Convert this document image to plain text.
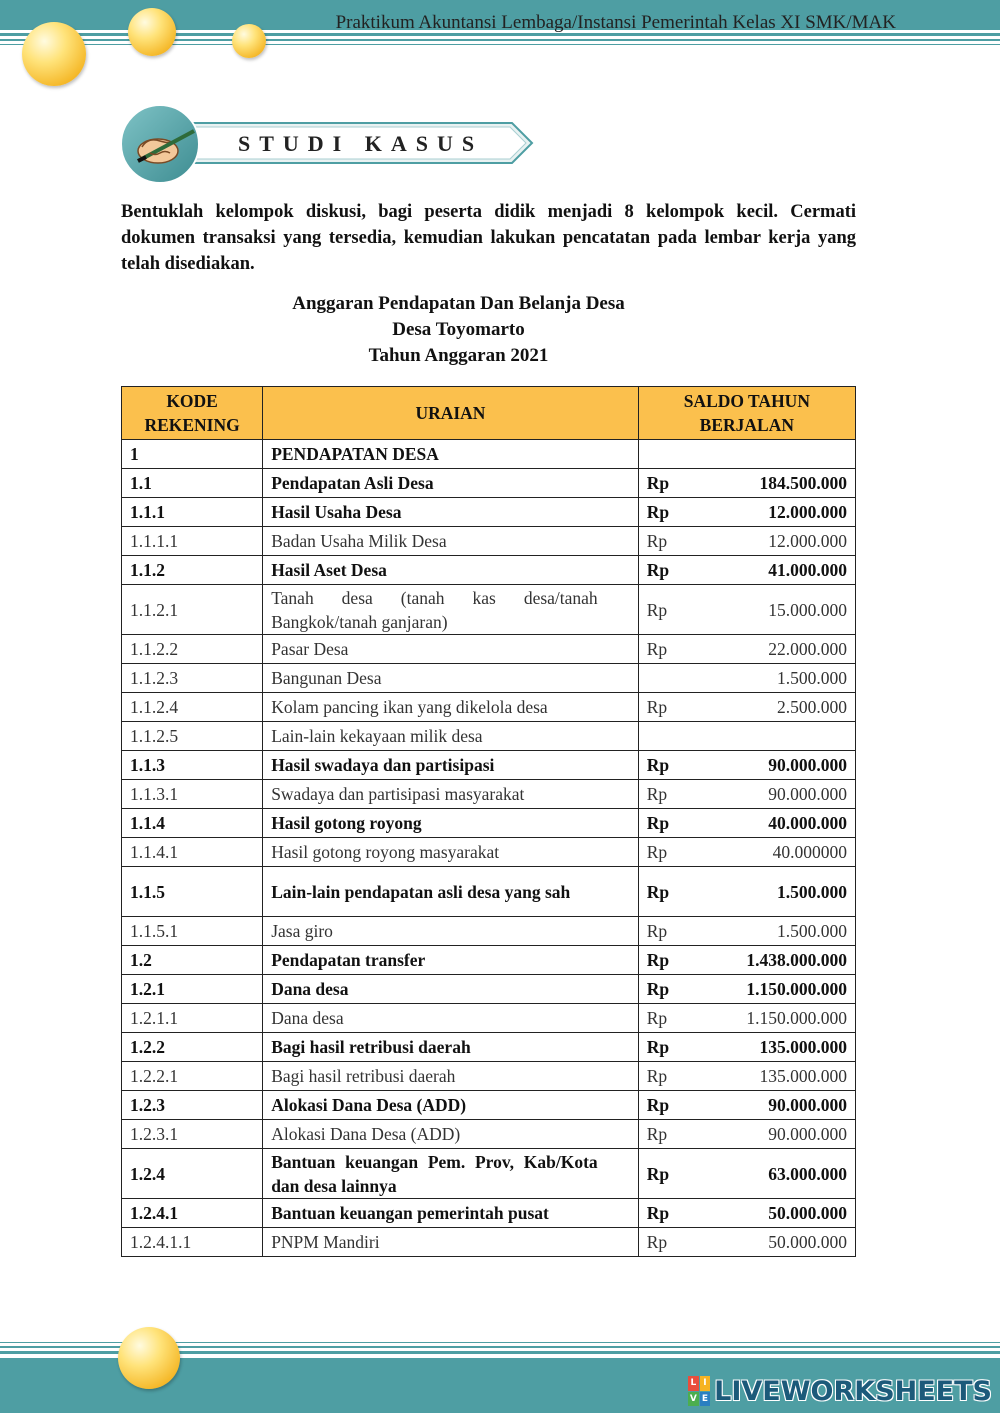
Praktikum Akuntansi Lembaga/Instansi Pemerintah Kelas XI SMK/MAK
STUDI KASUS
Bentuklah kelompok diskusi, bagi peserta didik menjadi 8 kelompok kecil. Cermati dokumen transaksi yang tersedia, kemudian lakukan pencatatan pada lembar kerja yang telah disediakan.
Anggaran Pendapatan Dan Belanja Desa
Desa Toyomarto
Tahun Anggaran 2021
KODE REKENING	URAIAN	SALDO TAHUN BERJALAN
1	PENDAPATAN DESA	

1.1	Pendapatan Asli Desa	Rp 184.500.000

1.1.1	Hasil Usaha Desa	Rp 12.000.000

1.1.1.1	Badan Usaha Milik Desa	Rp 12.000.000

1.1.2	Hasil Aset Desa	Rp 41.000.000

1.1.2.1	Tanah desa (tanah kas desa/tanah Bangkok/tanah ganjaran)	Rp 15.000.000

1.1.2.2	Pasar Desa	Rp 22.000.000

1.1.2.3	Bangunan Desa	1.500.000

1.1.2.4	Kolam pancing ikan yang dikelola desa	Rp 2.500.000

1.1.2.5	Lain-lain kekayaan milik desa	

1.1.3	Hasil swadaya dan partisipasi	Rp 90.000.000

1.1.3.1	Swadaya dan partisipasi masyarakat	Rp 90.000.000

1.1.4	Hasil gotong royong	Rp 40.000.000

1.1.4.1	Hasil gotong royong masyarakat	Rp 40.000000

1.1.5	Lain-lain pendapatan asli desa yang sah	Rp 1.500.000

1.1.5.1	Jasa giro	Rp 1.500.000

1.2	Pendapatan transfer	Rp 1.438.000.000

1.2.1	Dana desa	Rp 1.150.000.000

1.2.1.1	Dana desa	Rp 1.150.000.000

1.2.2	Bagi hasil retribusi daerah	Rp 135.000.000

1.2.2.1	Bagi hasil retribusi daerah	Rp 135.000.000

1.2.3	Alokasi Dana Desa (ADD)	Rp 90.000.000

1.2.3.1	Alokasi Dana Desa (ADD)	Rp 90.000.000

1.2.4	Bantuan keuangan Pem. Prov, Kab/Kota dan desa lainnya	Rp 63.000.000

1.2.4.1	Bantuan keuangan pemerintah pusat	Rp 50.000.000

1.2.4.1.1	PNPM Mandiri	Rp 50.000.000
L I
V E LIVEWORKSHEETS
